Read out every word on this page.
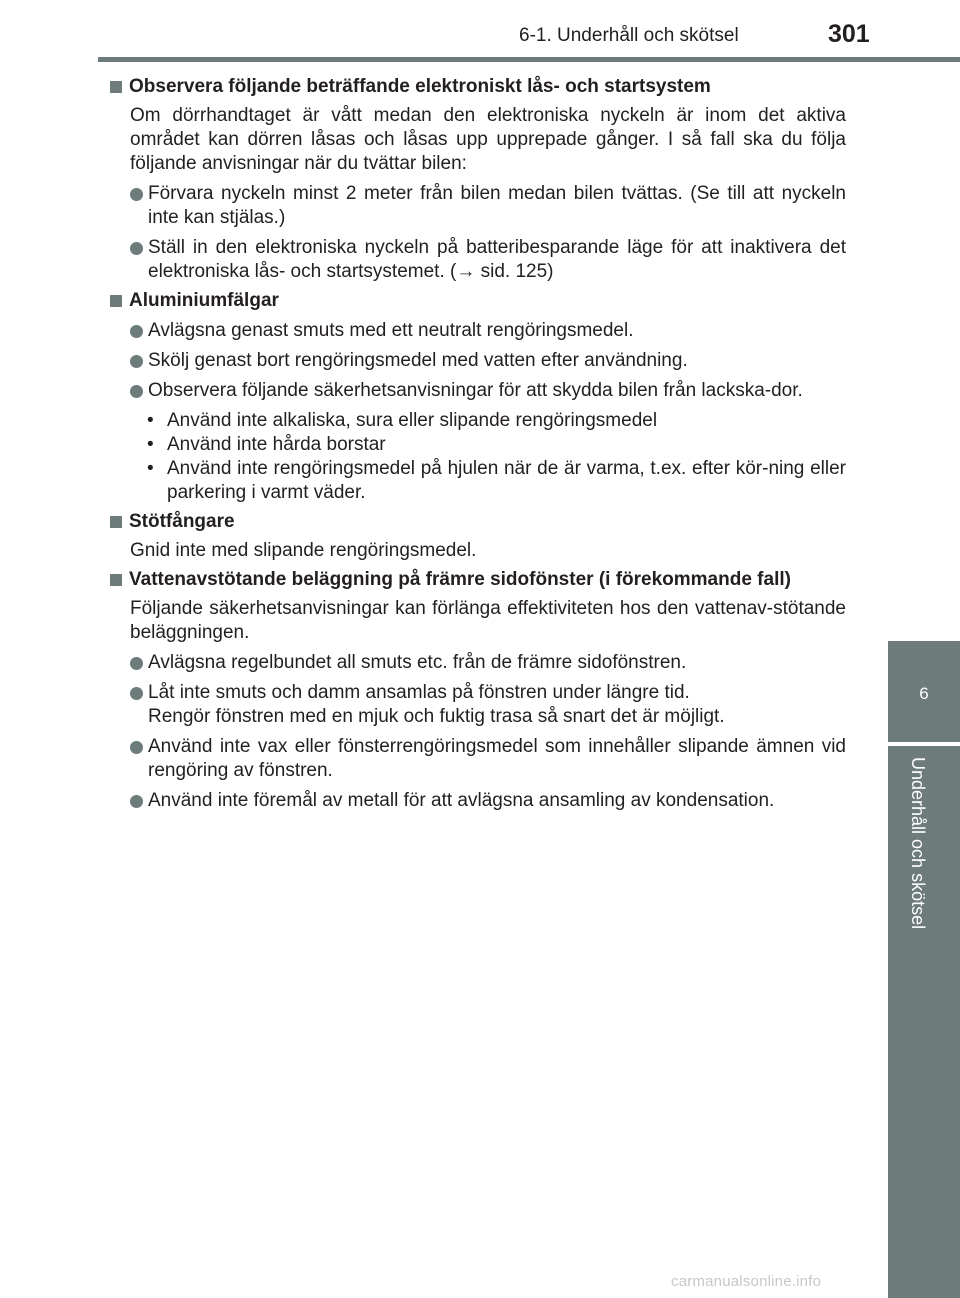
6-1. Underhåll och skötsel	301
6
Underhåll och skötsel
Observera följande beträffande elektroniskt lås- och startsystem
Om dörrhandtaget är vått medan den elektroniska nyckeln är inom det aktiva området kan dörren låsas och låsas upp upprepade gånger. I så fall ska du följa följande anvisningar när du tvättar bilen:
Förvara nyckeln minst 2 meter från bilen medan bilen tvättas. (Se till att nyckeln inte kan stjälas.)
Ställ in den elektroniska nyckeln på batteribesparande läge för att inaktivera det elektroniska lås- och startsystemet. (→ sid. 125)
Aluminiumfälgar
Avlägsna genast smuts med ett neutralt rengöringsmedel.
Skölj genast bort rengöringsmedel med vatten efter användning.
Observera följande säkerhetsanvisningar för att skydda bilen från lackska-dor.
• Använd inte alkaliska, sura eller slipande rengöringsmedel
• Använd inte hårda borstar
• Använd inte rengöringsmedel på hjulen när de är varma, t.ex. efter kör-ning eller parkering i varmt väder.
Stötfångare
Gnid inte med slipande rengöringsmedel.
Vattenavstötande beläggning på främre sidofönster (i förekommande fall)
Följande säkerhetsanvisningar kan förlänga effektiviteten hos den vattenav-stötande beläggningen.
Avlägsna regelbundet all smuts etc. från de främre sidofönstren.
Låt inte smuts och damm ansamlas på fönstren under längre tid.
Rengör fönstren med en mjuk och fuktig trasa så snart det är möjligt.
Använd inte vax eller fönsterrengöringsmedel som innehåller slipande ämnen vid rengöring av fönstren.
Använd inte föremål av metall för att avlägsna ansamling av kondensation.
carmanualsonline.info
